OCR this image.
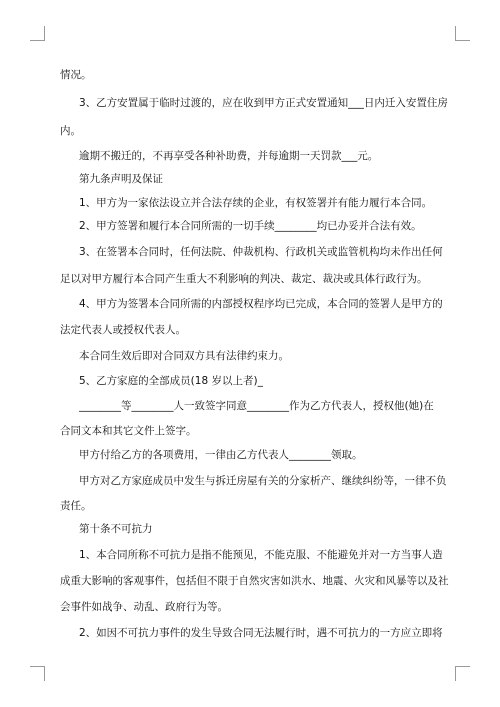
情况。
3、乙方安置属于临时过渡的，应在收到甲方正式安置通知___日内迁入安置住房
内。
逾期不搬迁的，不再享受各种补助费，并每逾期一天罚款___元。
第九条声明及保证
1、甲方为一家依法设立并合法存续的企业，有权签署并有能力履行本合同。
2、甲方签署和履行本合同所需的一切手续________均已办妥并合法有效。
3、在签署本合同时，任何法院、仲裁机构、行政机关或监管机构均未作出任何
足以对甲方履行本合同产生重大不利影响的判决、裁定、裁决或具体行政行为。
4、甲方为签署本合同所需的内部授权程序均已完成，本合同的签署人是甲方的
法定代表人或授权代表人。
本合同生效后即对合同双方具有法律约束力。
5、乙方家庭的全部成员(18 岁以上者)_
________等________人一致签字同意________作为乙方代表人，授权他(她)在
合同文本和其它文件上签字。
甲方付给乙方的各项费用，一律由乙方代表人________领取。
甲方对乙方家庭成员中发生与拆迁房屋有关的分家析产、继续纠纷等，一律不负
责任。
第十条不可抗力
1、本合同所称不可抗力是指不能预见，不能克服、不能避免并对一方当事人造
成重大影响的客观事件，包括但不限于自然灾害如洪水、地震、火灾和风暴等以及社
会事件如战争、动乱、政府行为等。
2、如因不可抗力事件的发生导致合同无法履行时，遇不可抗力的一方应立即将
